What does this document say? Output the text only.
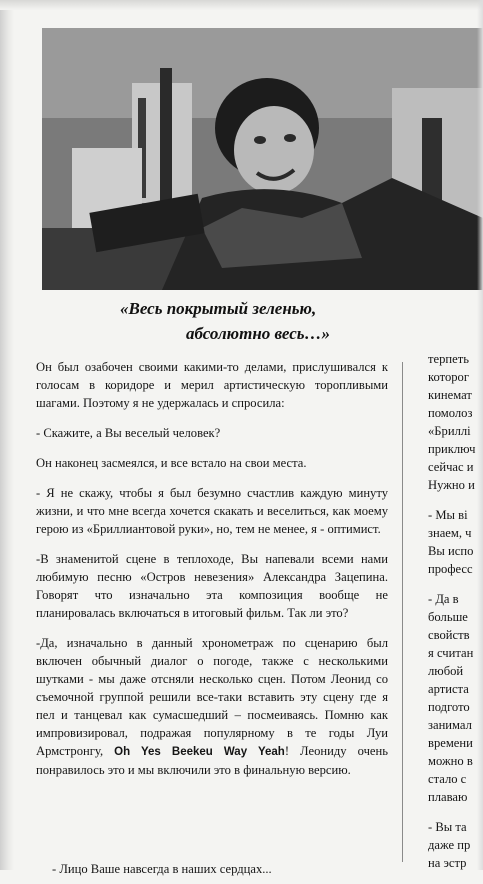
«Весь покрытый зеленью,
абсолютно весь…»

Он был озабочен своими какими-то делами, прислушивался к голосам в коридоре и мерил артистическую торопливыми шагами. Поэтому я не удержалась и спросила:

- Скажите, а Вы веселый человек?

Он наконец засмеялся, и все встало на свои места.

- Я не скажу, чтобы я был безумно счастлив каждую минуту жизни, и что мне всегда хочется скакать и веселиться, как моему герою из «Бриллиантовой руки», но, тем не менее, я - оптимист.

-В знаменитой сцене в теплоходе, Вы напевали всеми нами любимую песню «Остров невезения» Александра Зацепина. Говорят что изначально эта композиция вообще не планировалась включаться в итоговый фильм. Так ли это?

-Да, изначально в данный хронометраж по сценарию был включен обычный диалог о погоде, также с несколькими шутками - мы даже отсняли несколько сцен. Потом Леонид со съемочной группой решили все-таки вставить эту сцену где я пел и танцевал как сумасшедший – посмеиваясь. Помню как импровизировал, подражая популярному в те годы Луи Армстронгу, Oh Yes Beekeu Way Yeah! Леониду очень понравилось это и мы включили это в финальную версию.

терпеть
которог
кинемат
помолоз
«Бриллі
приключ
сейчас и
Нужно и
- Мы ві
знаем, ч
Вы испо
професс
- Да в
больше
свойств
я считан
любой
артиста
подгото
занимал
времени
можно в
стало с
плаваю
- Вы та
даже пр
на эстр
- Лицо Ваше навсегда в наших сердцах...
